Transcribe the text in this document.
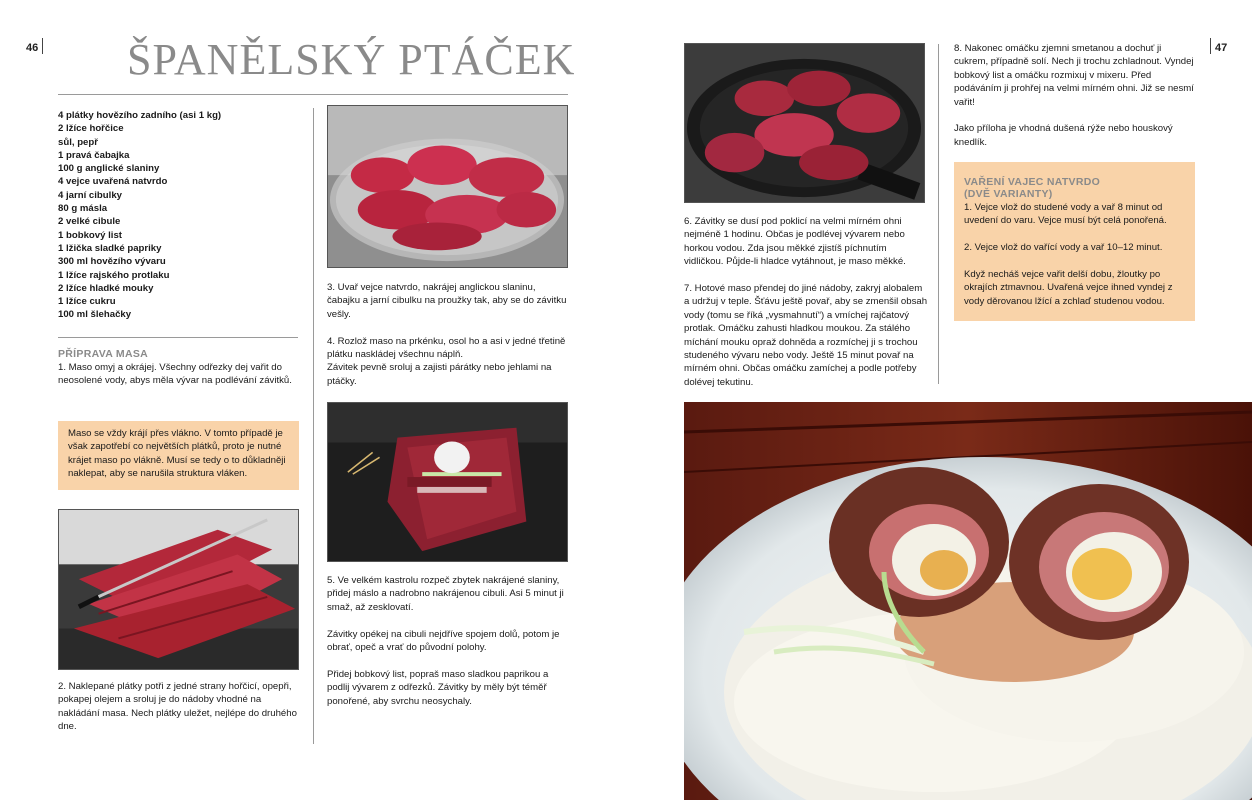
46	47
ŠPANĚLSKÝ PTÁČEK
4 plátky hovězího zadního (asi 1 kg)
2 lžíce hořčice
sůl, pepř
1 pravá čabajka
100 g anglické slaniny
4 vejce uvařená natvrdo
4 jarní cibulky
80 g másla
2 velké cibule
1 bobkový list
1 lžička sladké papriky
300 ml hovězího vývaru
1 lžíce rajského protlaku
2 lžíce hladké mouky
1 lžíce cukru
100 ml šlehačky
PŘÍPRAVA MASA
1. Maso omyj a okrájej. Všechny odřezky dej vařit do neosolené vody, abys měla vývar na podlévání závitků.
Maso se vždy krájí přes vlákno. V tomto případě je však zapotřebí co největších plátků, proto je nutné krájet maso po vlákně. Musí se tedy o to důkladněji naklepat, aby se narušila struktura vláken.
2. Naklepané plátky potři z jedné strany hořčicí, opepři, pokapej olejem a sroluj je do nádoby vhodné na nakládání masa. Nech plátky uležet, nejlépe do druhého dne.

3. Uvař vejce natvrdo, nakrájej anglickou slaninu, čabajku a jarní cibulku na proužky tak, aby se do závitku vešly.

4. Rozlož maso na prkénku, osol ho a asi v jedné třetině plátku naskládej všechnu náplň.

Závitek pevně sroluj a zajisti párátky nebo jehlami na ptáčky.

5. Ve velkém kastrolu rozpeč zbytek nakrájené slaniny, přidej máslo a nadrobno nakrájenou cibuli. Asi 5 minut ji smaž, až zesklovatí.

Závitky opékej na cibuli nejdříve spojem dolů, potom je obrať, opeč a vrať do původní polohy.

Přidej bobkový list, popraš maso sladkou paprikou a podlij vývarem z odřezků. Závitky by měly být téměř ponořené, aby svrchu neosychaly.

6. Závitky se dusí pod poklicí na velmi mírném ohni nejméně 1 hodinu. Občas je podlévej vývarem nebo horkou vodou. Zda jsou měkké zjistíš píchnutím vidličkou. Půjde-li hladce vytáhnout, je maso měkké.

7. Hotové maso přendej do jiné nádoby, zakryj alobalem a udržuj v teple. Šťávu ještě povař, aby se zmenšil obsah vody (tomu se říká „vysmahnutí“) a vmíchej rajčatový protlak. Omáčku zahusti hladkou moukou. Za stálého míchání mouku opraž dohněda a rozmíchej ji s trochou studeného vývaru nebo vody. Ještě 15 minut povař na mírném ohni. Občas omáčku zamíchej a podle potřeby dolévej tekutinu.

8. Nakonec omáčku zjemni smetanou a dochuť ji cukrem, případně solí. Nech ji trochu zchladnout. Vyndej bobkový list a omáčku rozmixuj v mixeru. Před podáváním ji prohřej na velmi mírném ohni. Již se nesmí vařit!

Jako příloha je vhodná dušená rýže nebo houskový knedlík.

VAŘENÍ VAJEC NATVRDO
(DVĚ VARIANTY)

1. Vejce vlož do studené vody a vař 8 minut od uvedení do varu. Vejce musí být celá ponořená.

2. Vejce vlož do vařící vody a vař 10–12 minut.

Když necháš vejce vařit delší dobu, žloutky po okrajích ztmavnou. Uvařená vejce ihned vyndej z vody děrovanou lžící a zchlaď studenou vodou.
